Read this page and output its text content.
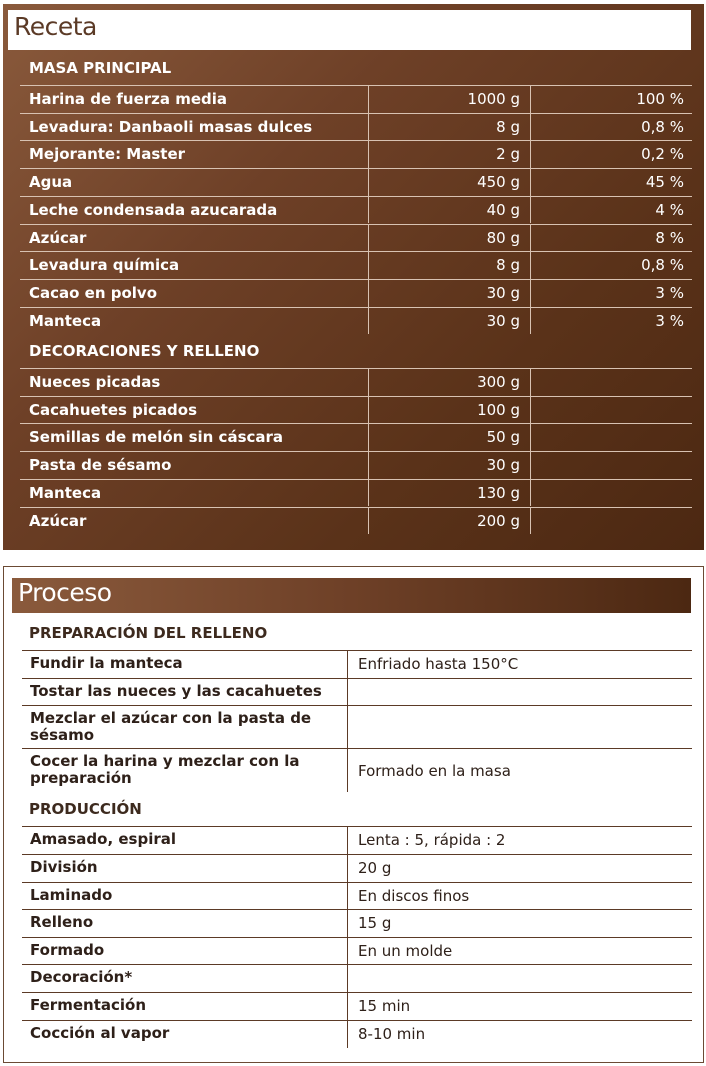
Receta
MASA PRINCIPAL
Harina de fuerza media	1000 g	100 %
Levadura: Danbaoli masas dulces	8 g	0,8 %
Mejorante: Master	2 g	0,2 %
Agua	450 g	45 %
Leche condensada azucarada	40 g	4 %
Azúcar	80 g	8 %
Levadura química	8 g	0,8 %
Cacao en polvo	30 g	3 %
Manteca	30 g	3 %
DECORACIONES Y RELLENO
Nueces picadas	300 g
Cacahuetes picados	100 g
Semillas de melón sin cáscara	50 g
Pasta de sésamo	30 g
Manteca	130 g
Azúcar	200 g
Proceso
PREPARACIÓN DEL RELLENO
Fundir la manteca	Enfriado hasta 150°C
Tostar las nueces y las cacahuetes
Mezclar el azúcar con la pasta de sésamo
Cocer la harina y mezclar con la preparación	Formado en la masa
PRODUCCIÓN
Amasado, espiral	Lenta : 5, rápida : 2
División	20 g
Laminado	En discos finos
Relleno	15 g
Formado	En un molde
Decoración*
Fermentación	15 min
Cocción al vapor	8-10 min
